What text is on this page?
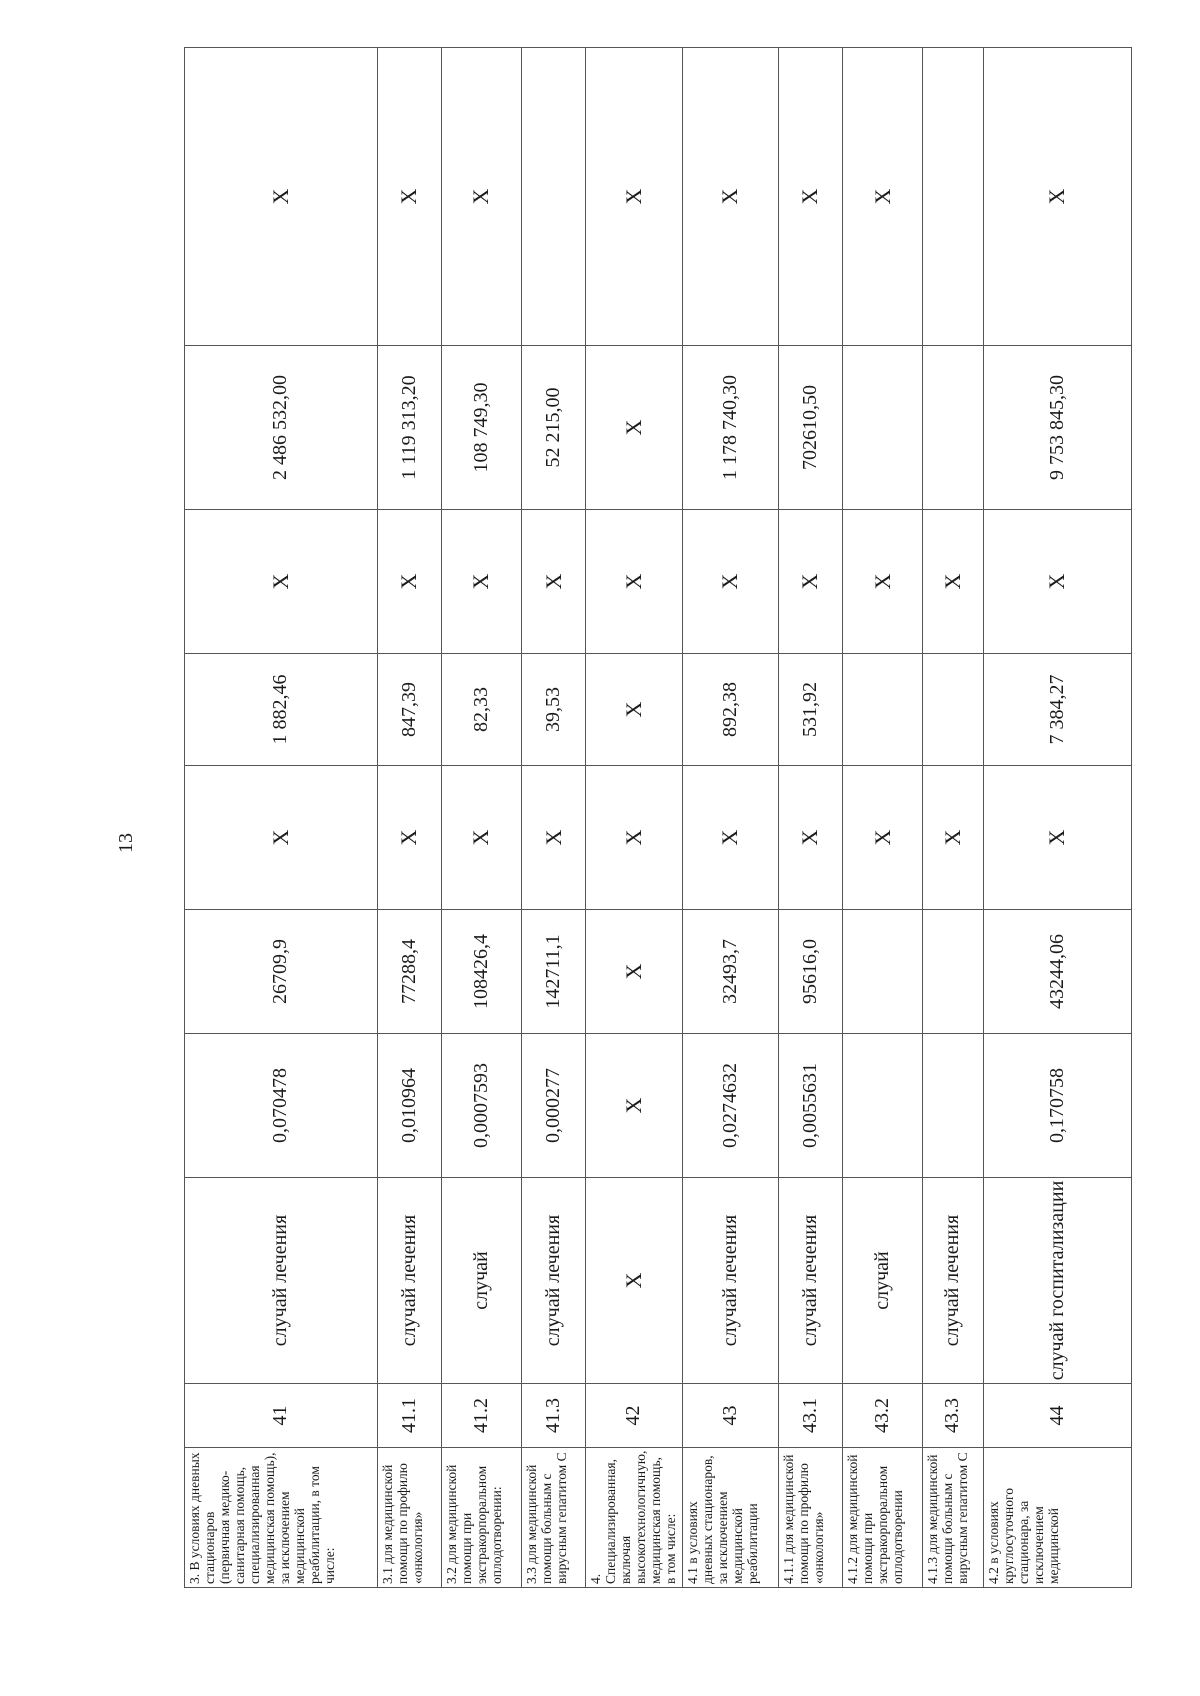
13
3. В условиях дневных стационаров (первичная медико-санитарная помощь, специализированная медицинская помощь), за исключением медицинской реабилитации, в том числе:	41	случай лечения	0,070478	26709,9	X	1 882,46	X	2 486 532,00	X
3.1 для медицинской помощи по профилю «онкология»	41.1	случай лечения	0,010964	77288,4	X	847,39	X	1 119 313,20	X
3.2 для медицинской помощи при экстракорпоральном оплодотворении:	41.2	случай	0,0007593	108426,4	X	82,33	X	108 749,30	X
3.3 для медицинской помощи больным с вирусным гепатитом С	41.3	случай лечения	0,000277	142711,1	X	39,53	X	52 215,00	
4. Специализированная, включая высокотехнологичную, медицинская помощь, в том числе:	42	X	X	X	X	X	X	X	X
4.1 в условиях дневных стационаров, за исключением медицинской реабилитации	43	случай лечения	0,0274632	32493,7	X	892,38	X	1 178 740,30	X
4.1.1 для медицинской помощи по профилю «онкология»	43.1	случай лечения	0,0055631	95616,0	X	531,92	X	702610,50	X
4.1.2 для медицинской помощи при экстракорпоральном оплодотворении	43.2	случай			X		X		X
4.1.3 для медицинской помощи больным с вирусным гепатитом С	43.3	случай лечения			X		X		
4.2 в условиях круглосуточного стационара, за исключением медицинской	44	случай госпитализации	0,170758	43244,06	X	7 384,27	X	9 753 845,30	X
